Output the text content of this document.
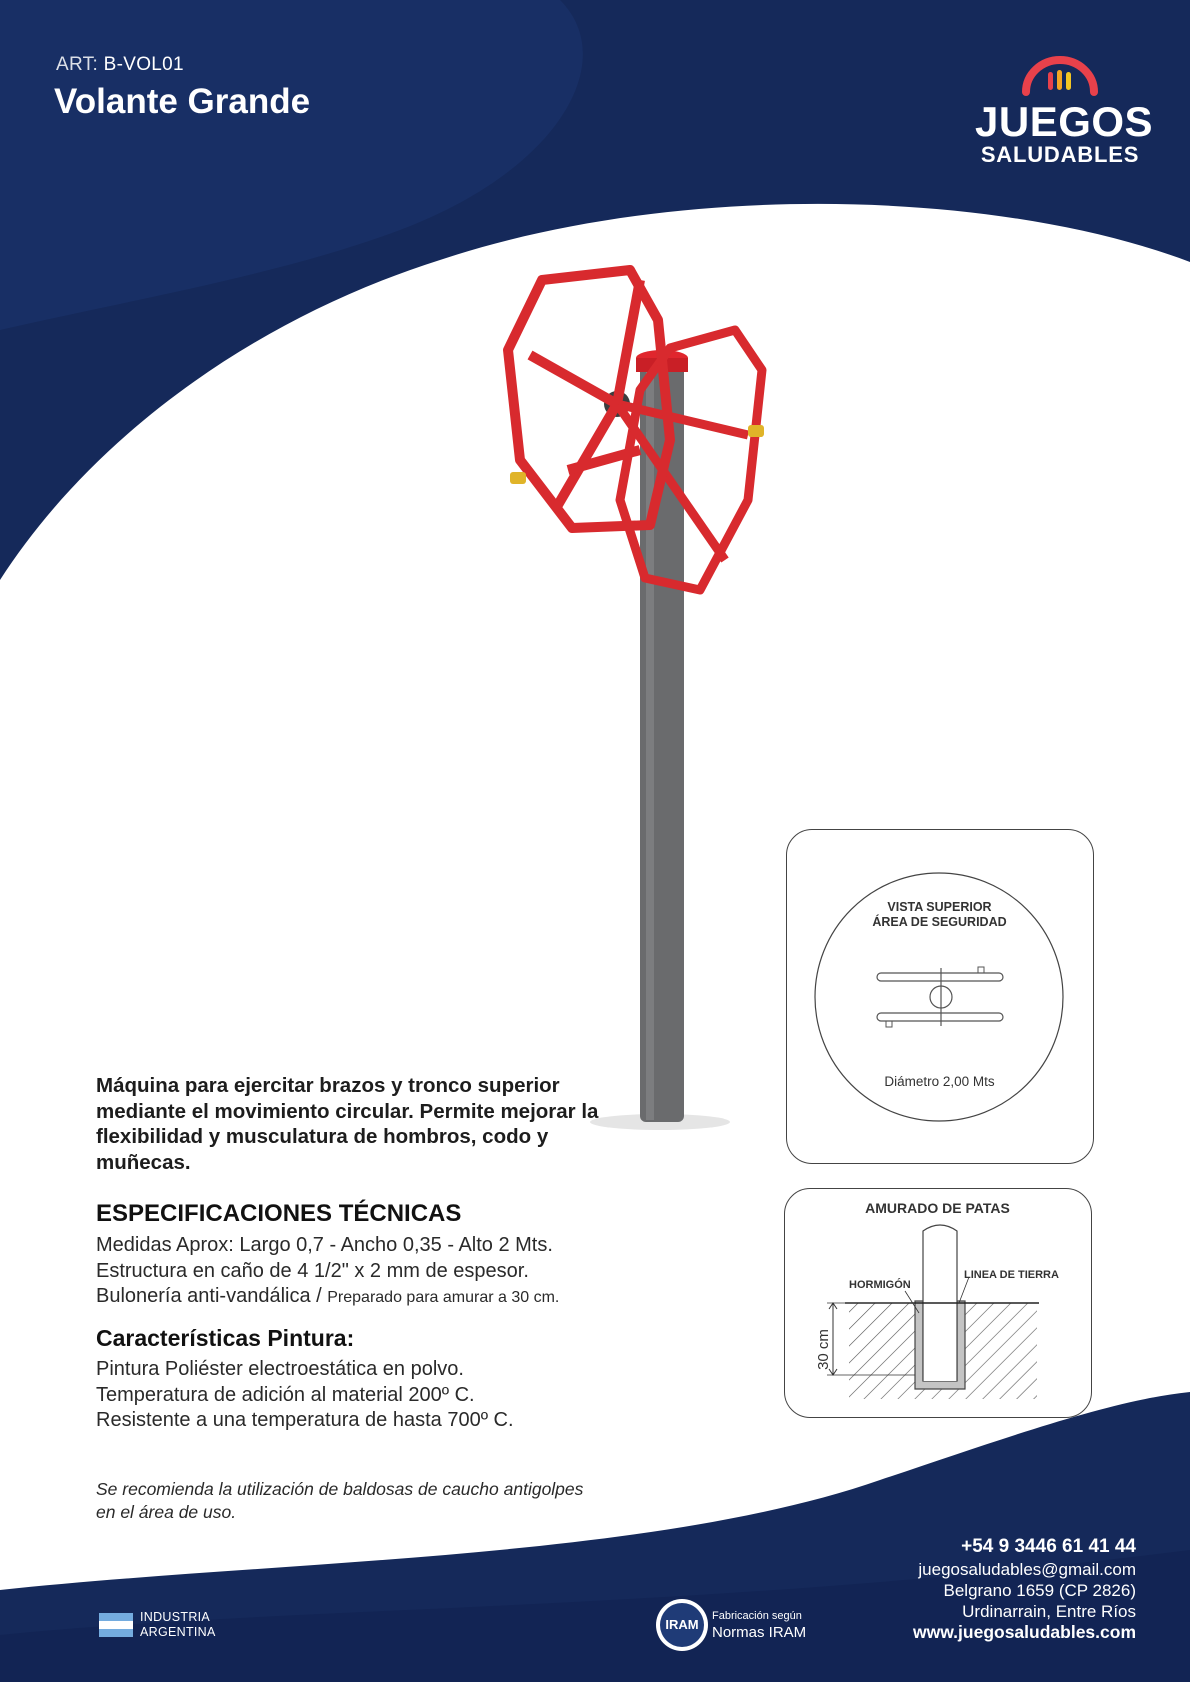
ART: B-VOL01
Volante Grande	JUEGOS
SALUDABLES
Máquina para ejercitar brazos y tronco superior mediante el movimiento circular. Permite mejorar la flexibilidad y musculatura de hombros, codo y muñecas.
ESPECIFICACIONES TÉCNICAS
Medidas Aprox: Largo 0,7 - Ancho 0,35 - Alto 2 Mts.
Estructura en caño de 4 1/2" x 2 mm de espesor.
Bulonería anti-vandálica / Preparado para amurar a 30 cm.
Características Pintura:
Pintura Poliéster electroestática en polvo.
Temperatura de adición al material 200º C.
Resistente a una temperatura de hasta 700º C.
Se recomienda la utilización de baldosas de caucho antigolpes en el área de uso.
VISTA SUPERIOR
ÁREA DE SEGURIDAD
Diámetro 2,00 Mts
AMURADO DE PATAS
HORMIGÓN
LINEA DE TIERRA
30 cm
+54 9 3446 61 41 44
juegosaludables@gmail.com
Belgrano 1659 (CP 2826)
Urdinarrain, Entre Ríos
www.juegosaludables.com
INDUSTRIA
ARGENTINA	IRAM
Fabricación según
Normas IRAM
